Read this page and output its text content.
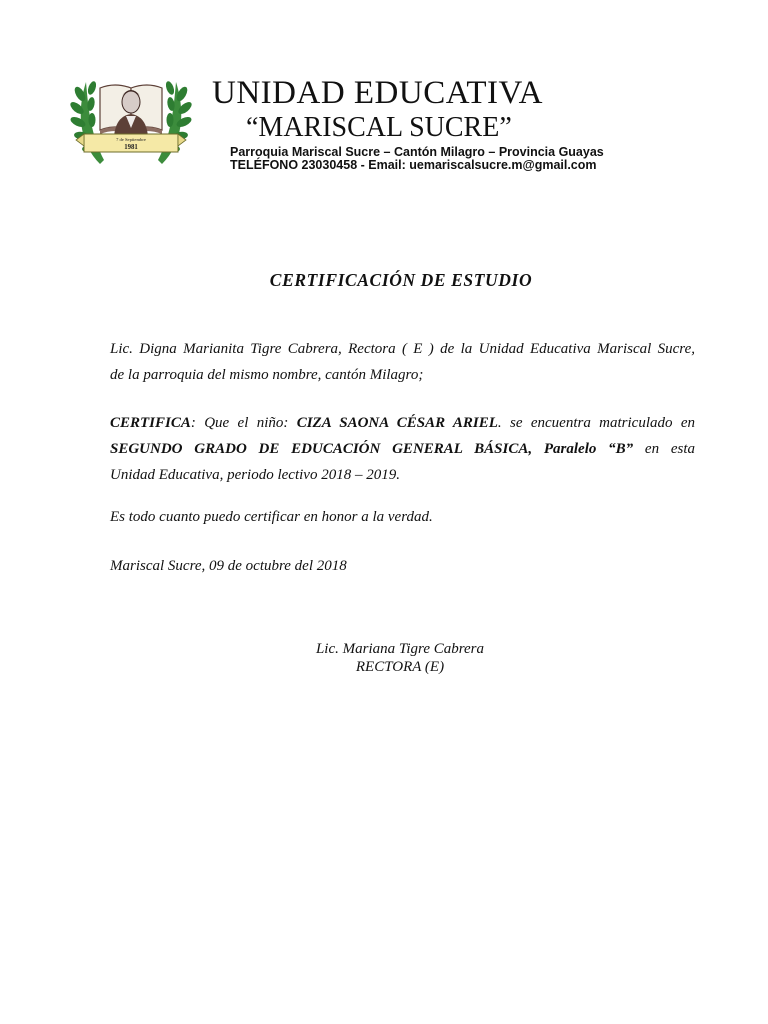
7 de Septiembre
1981
UNIDAD EDUCATIVA
“MARISCAL SUCRE”
Parroquia Mariscal Sucre – Cantón Milagro – Provincia Guayas
TELÉFONO 23030458 - Email: uemariscalsucre.m@gmail.com
CERTIFICACIÓN DE ESTUDIO
Lic. Digna Marianita Tigre Cabrera, Rectora ( E ) de la Unidad Educativa Mariscal Sucre,
de la parroquia del mismo nombre, cantón Milagro;
CERTIFICA: Que el niño: CIZA SAONA CÉSAR ARIEL. se encuentra matriculado en
SEGUNDO GRADO DE EDUCACIÓN GENERAL BÁSICA, Paralelo “B” en esta
Unidad Educativa, periodo lectivo 2018 – 2019.
Es todo cuanto puedo certificar en honor a la verdad.
Mariscal Sucre, 09 de octubre del 2018
Lic. Mariana Tigre Cabrera
RECTORA (E)
